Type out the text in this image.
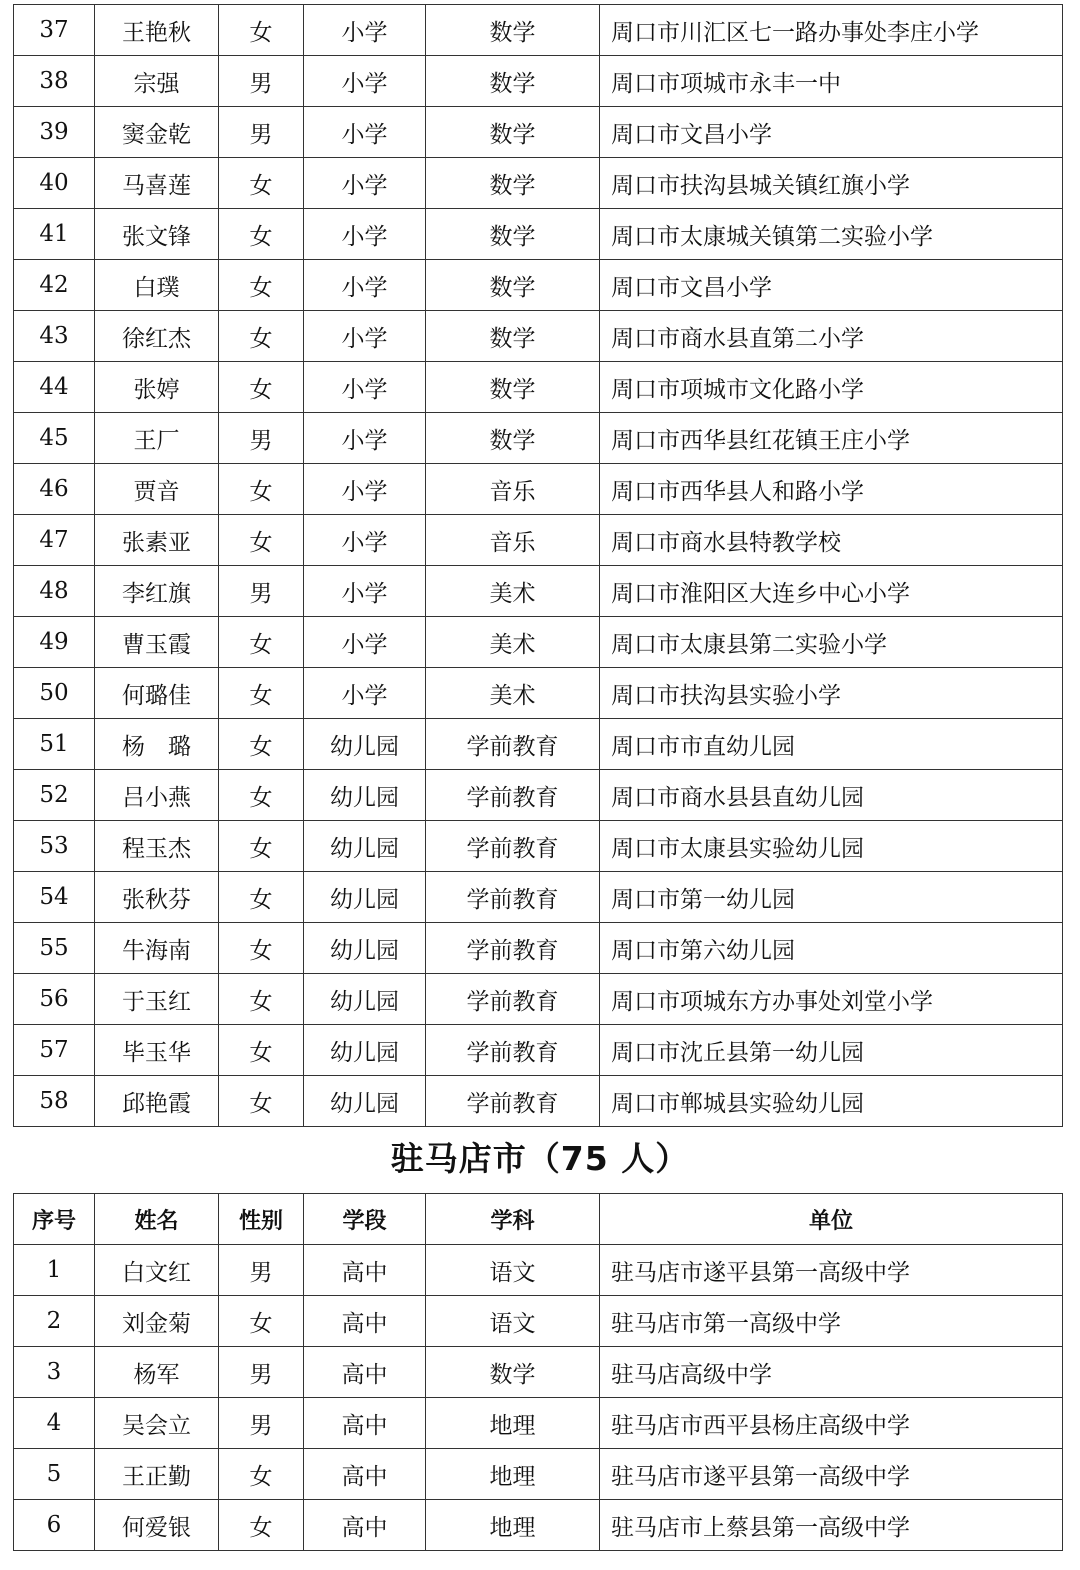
37	王艳秋	女	小学	数学	周口市川汇区七一路办事处李庄小学
38	宗强	男	小学	数学	周口市项城市永丰一中
39	窦金乾	男	小学	数学	周口市文昌小学
40	马喜莲	女	小学	数学	周口市扶沟县城关镇红旗小学
41	张文锋	女	小学	数学	周口市太康城关镇第二实验小学
42	白璞	女	小学	数学	周口市文昌小学
43	徐红杰	女	小学	数学	周口市商水县直第二小学
44	张婷	女	小学	数学	周口市项城市文化路小学
45	王厂	男	小学	数学	周口市西华县红花镇王庄小学
46	贾音	女	小学	音乐	周口市西华县人和路小学
47	张素亚	女	小学	音乐	周口市商水县特教学校
48	李红旗	男	小学	美术	周口市淮阳区大连乡中心小学
49	曹玉霞	女	小学	美术	周口市太康县第二实验小学
50	何璐佳	女	小学	美术	周口市扶沟县实验小学
51	杨　璐	女	幼儿园	学前教育	周口市市直幼儿园
52	吕小燕	女	幼儿园	学前教育	周口市商水县县直幼儿园
53	程玉杰	女	幼儿园	学前教育	周口市太康县实验幼儿园
54	张秋芬	女	幼儿园	学前教育	周口市第一幼儿园
55	牛海南	女	幼儿园	学前教育	周口市第六幼儿园
56	于玉红	女	幼儿园	学前教育	周口市项城东方办事处刘堂小学
57	毕玉华	女	幼儿园	学前教育	周口市沈丘县第一幼儿园
58	邱艳霞	女	幼儿园	学前教育	周口市郸城县实验幼儿园
驻马店市（75 人）
序号	姓名	性别	学段	学科	单位
1	白文红	男	高中	语文	驻马店市遂平县第一高级中学
2	刘金菊	女	高中	语文	驻马店市第一高级中学
3	杨军	男	高中	数学	驻马店高级中学
4	吴会立	男	高中	地理	驻马店市西平县杨庄高级中学
5	王正勤	女	高中	地理	驻马店市遂平县第一高级中学
6	何爱银	女	高中	地理	驻马店市上蔡县第一高级中学
